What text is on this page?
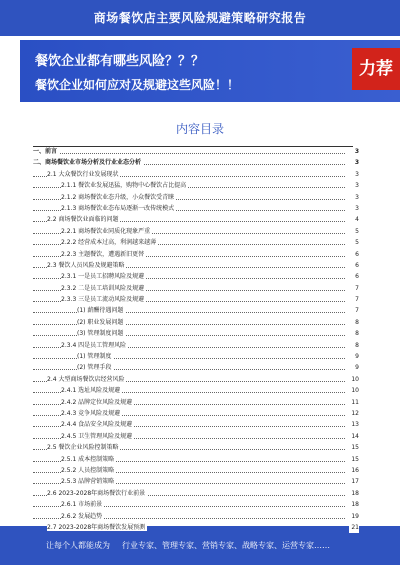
商场餐饮店主要风险规避策略研究报告
餐饮企业都有哪些风险？？？
餐饮企业如何应对及规避这些风险！！
力荐
内容目录
一、前言	3
二、商场餐饮业市场分析及行业业态分析	3
2.1 大众餐饮行业发展现状	3
2.1.1 餐饮业发展迅猛，购物中心餐饮占比提高	3
2.1.2 商场餐饮业态升级，小众餐饮受青睐	3
2.1.3 商场餐饮业态布局逐渐一改传统模式	3
2.2 商场餐饮业面临的问题	4
2.2.1 商场餐饮业同质化现象严重	5
2.2.2 经营成本过高，利润越来越薄	5
2.2.3 主题餐饮，遭遇新旧更替	6
2.3 餐饮人员风险及规避策略	6
2.3.1 一是员工招聘风险及规避	6
2.3.2 二是员工培训风险及规避	7
2.3.3 三是员工流动风险及规避	7
(1) 薪酬待遇问题	7
(2) 职业发展问题	8
(3) 管理制度问题	8
2.3.4 四是员工管理风险	8
(1) 管理制度	9
(2) 管理手段	9
2.4 大型商场餐饮店经营风险	10
2.4.1 选址风险及规避	10
2.4.2 品牌定位风险及规避	11
2.4.3 竞争风险及规避	12
2.4.4 食品安全风险及规避	13
2.4.5 卫生管理风险及规避	14
2.5 餐饮企业风险控制策略	15
2.5.1 成本控制策略	15
2.5.2 人员控制策略	16
2.5.3 品牌营销策略	17
2.6 2023-2028年商场餐饮行业前景	18
2.6.1 市场前景	18
2.6.2 发展趋势	19
2.7 2023-2028年商场餐饮发展预测	21
让每个人都能成为 行业专家、管理专家、营销专家、战略专家、运营专家……
